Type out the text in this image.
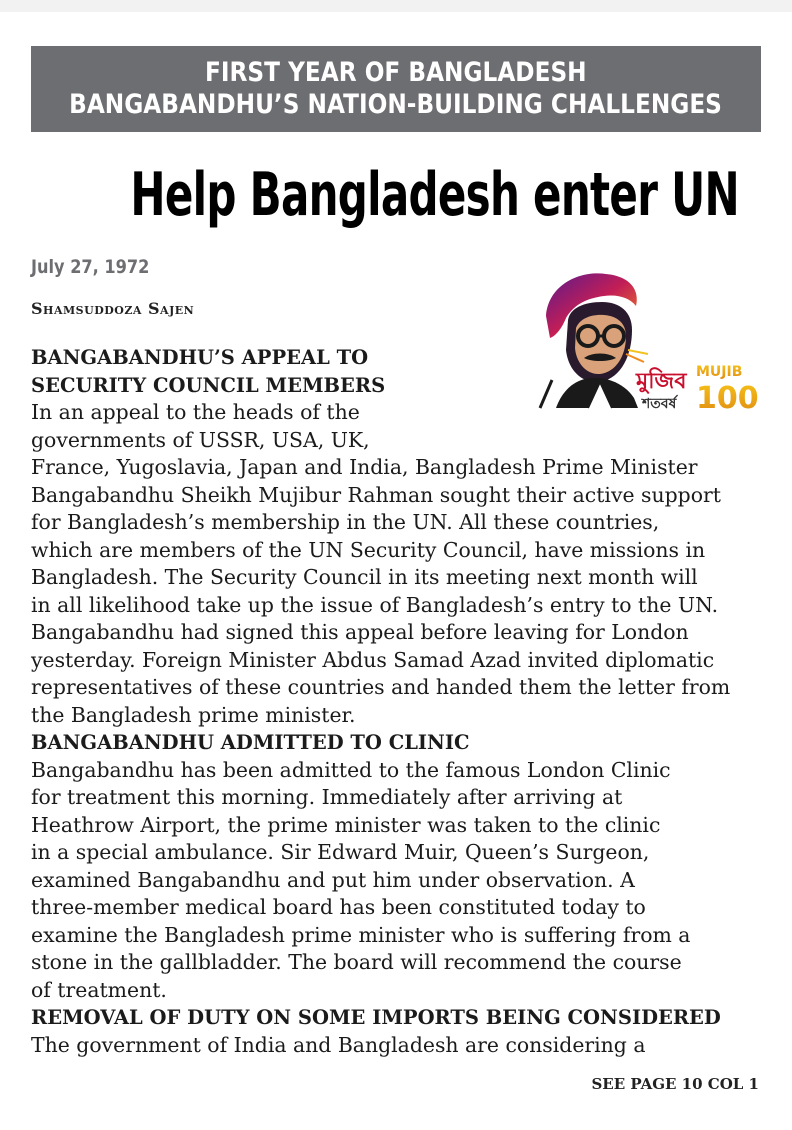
FIRST YEAR OF BANGLADESH
BANGABANDHU’S NATION-BUILDING CHALLENGES
Help Bangladesh enter UN
July 27, 1972
Shamsuddoza Sajen
মুজিব
শতবর্ষ
MUJIB
100
BANGABANDHU’S APPEAL TO
SECURITY COUNCIL MEMBERS
In an appeal to the heads of the
governments of USSR, USA, UK,
France, Yugoslavia, Japan and India, Bangladesh Prime Minister
Bangabandhu Sheikh Mujibur Rahman sought their active support
for Bangladesh’s membership in the UN. All these countries,
which are members of the UN Security Council, have missions in
Bangladesh. The Security Council in its meeting next month will
in all likelihood take up the issue of Bangladesh’s entry to the UN.
Bangabandhu had signed this appeal before leaving for London
yesterday. Foreign Minister Abdus Samad Azad invited diplomatic
representatives of these countries and handed them the letter from
the Bangladesh prime minister.
BANGABANDHU ADMITTED TO CLINIC
Bangabandhu has been admitted to the famous London Clinic
for treatment this morning. Immediately after arriving at
Heathrow Airport, the prime minister was taken to the clinic
in a special ambulance. Sir Edward Muir, Queen’s Surgeon,
examined Bangabandhu and put him under observation. A
three-member medical board has been constituted today to
examine the Bangladesh prime minister who is suffering from a
stone in the gallbladder. The board will recommend the course
of treatment.
REMOVAL OF DUTY ON SOME IMPORTS BEING CONSIDERED
The government of India and Bangladesh are considering a
SEE PAGE 10 COL 1
